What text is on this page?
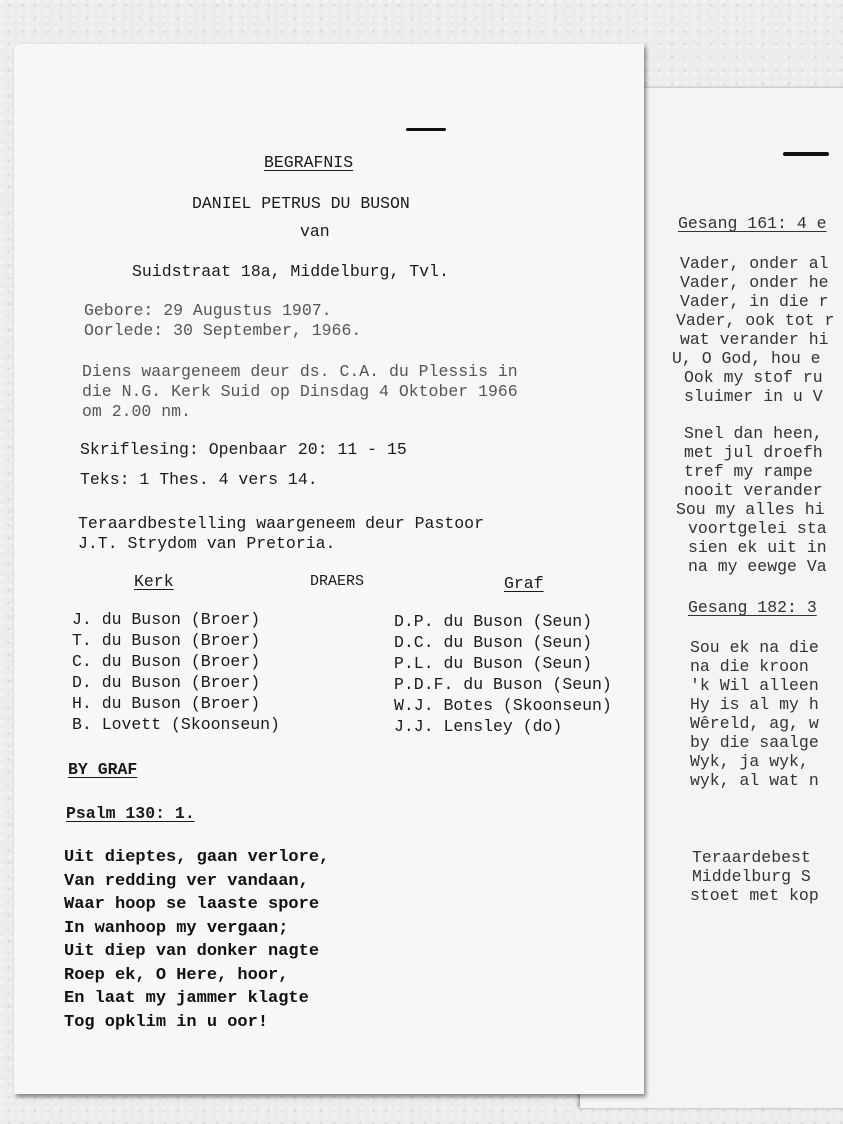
BEGRAFNIS
DANIEL PETRUS DU BUSON
van
Suidstraat 18a, Middelburg, Tvl.
Gebore: 29 Augustus 1907.
Oorlede: 30 September, 1966.
Diens waargeneem deur ds. C.A. du Plessis in
die N.G. Kerk Suid op Dinsdag 4 Oktober 1966
om 2.00 nm.
Skriflesing: Openbaar 20: 11 - 15
Teks: 1 Thes. 4 vers 14.
Teraardbestelling waargeneem deur Pastoor
J.T. Strydom van Pretoria.
Kerk	DRAERS	Graf
J. du Buson (Broer)
T. du Buson (Broer)
C. du Buson (Broer)
D. du Buson (Broer)
H. du Buson (Broer)
B. Lovett (Skoonseun)
D.P. du Buson (Seun)
D.C. du Buson (Seun)
P.L. du Buson (Seun)
P.D.F. du Buson (Seun)
W.J. Botes (Skoonseun)
J.J. Lensley (do)
BY GRAF
Psalm 130: 1.
Uit dieptes, gaan verlore,
Van redding ver vandaan,
Waar hoop se laaste spore
In wanhoop my vergaan;
Uit diep van donker nagte
Roep ek, O Here, hoor,
En laat my jammer klagte
Tog opklim in u oor!
Gesang 161: 4 e
Vader, onder al
Vader, onder he
Vader, in die r
Vader, ook tot r
wat verander hi
U, O God, hou e
Ook my stof ru
sluimer in u V
Snel dan heen,
met jul droefh
tref my rampe
nooit verander
Sou my alles hi
voortgelei sta
sien ek uit in
na my eewge Va
Gesang 182: 3
Sou ek na die
na die kroon
'k Wil alleen
Hy is al my h
Wêreld, ag, w
by die saalge
Wyk, ja wyk,
wyk, al wat n
Teraardebest
Middelburg S
stoet met kop
